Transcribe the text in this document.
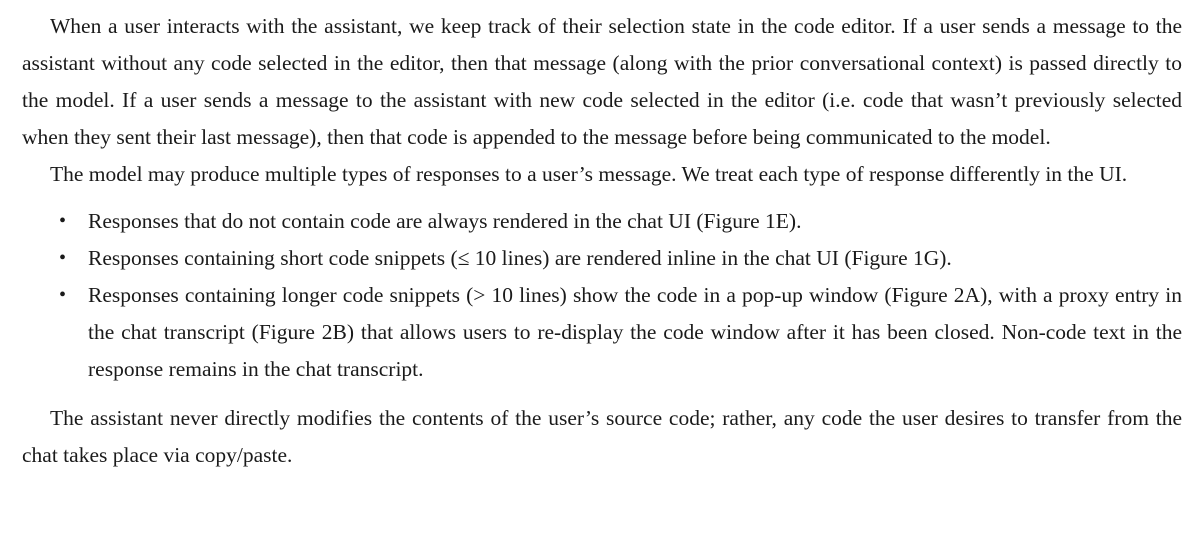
When a user interacts with the assistant, we keep track of their selection state in the code editor. If a user sends a message to the assistant without any code selected in the editor, then that message (along with the prior conversational context) is passed directly to the model. If a user sends a message to the assistant with new code selected in the editor (i.e. code that wasn’t previously selected when they sent their last message), then that code is appended to the message before being communicated to the model.

The model may produce multiple types of responses to a user’s message. We treat each type of response differently in the UI.

• Responses that do not contain code are always rendered in the chat UI (Figure 1E).
• Responses containing short code snippets (≤ 10 lines) are rendered inline in the chat UI (Figure 1G).
• Responses containing longer code snippets (> 10 lines) show the code in a pop-up window (Figure 2A), with a proxy entry in the chat transcript (Figure 2B) that allows users to re-display the code window after it has been closed. Non-code text in the response remains in the chat transcript.

The assistant never directly modifies the contents of the user’s source code; rather, any code the user desires to transfer from the chat takes place via copy/paste.
